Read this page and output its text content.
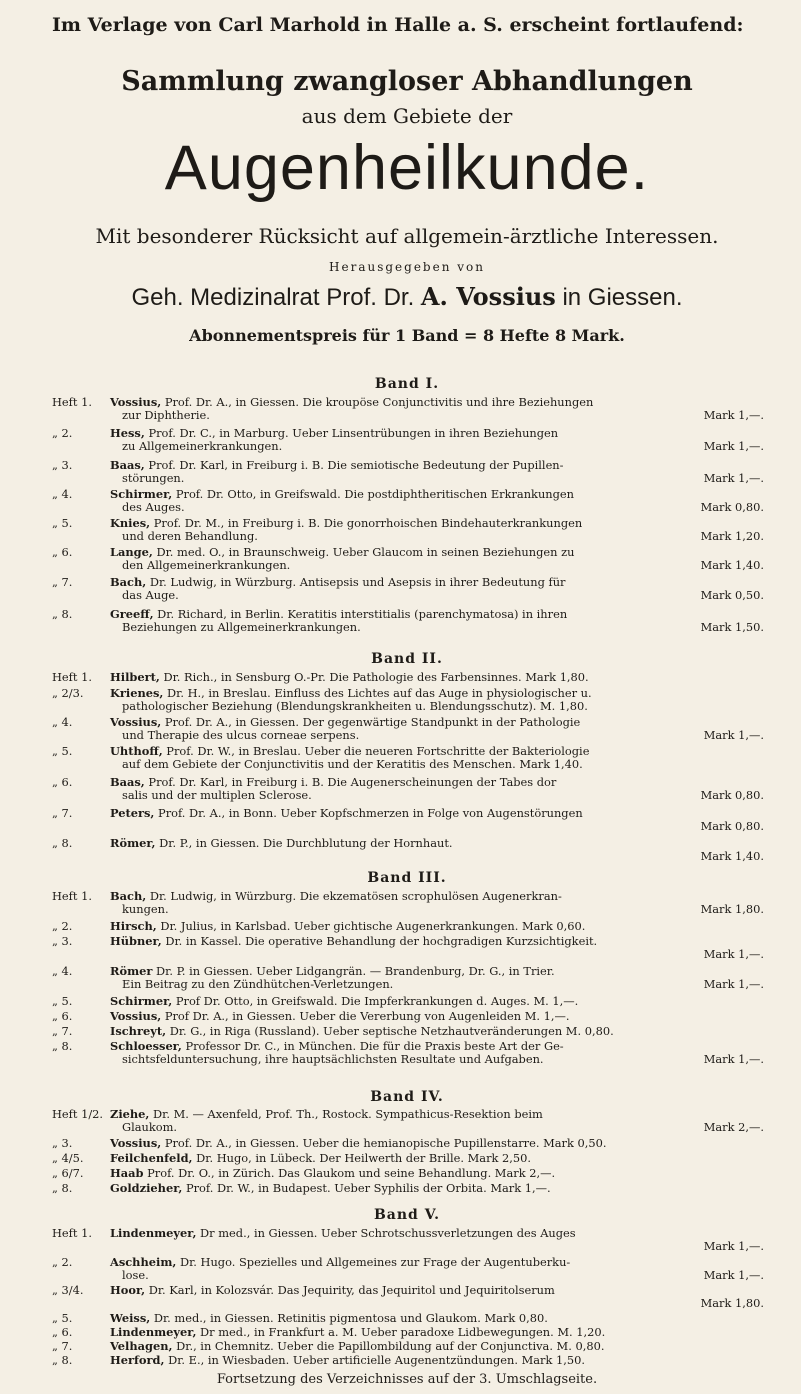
Im Verlage von Carl Marhold in Halle a. S. erscheint fortlaufend:
Sammlung zwangloser Abhandlungen
aus dem Gebiete der
Augenheilkunde.
Mit besonderer Rücksicht auf allgemein-ärztliche Interessen.
Herausgegeben von
Geh. Medizinalrat Prof. Dr. A. Vossius in Giessen.
Abonnementspreis für 1 Band = 8 Hefte 8 Mark.
Band I.
Heft 1.	Vossius, Prof. Dr. A., in Giessen. Die kroupöse Conjunctivitis und ihre Beziehungen
zur Diphtherie.	Mark 1,—.
„ 2.	Hess, Prof. Dr. C., in Marburg. Ueber Linsentrübungen in ihren Beziehungen
zu Allgemeinerkrankungen.	Mark 1,—.
„ 3.	Baas, Prof. Dr. Karl, in Freiburg i. B. Die semiotische Bedeutung der Pupillen-
störungen.	Mark 1,—.
„ 4.	Schirmer, Prof. Dr. Otto, in Greifswald. Die postdiphtheritischen Erkrankungen
des Auges.	Mark 0,80.
„ 5.	Knies, Prof. Dr. M., in Freiburg i. B. Die gonorrhoischen Bindehauterkrankungen
und deren Behandlung.	Mark 1,20.
„ 6.	Lange, Dr. med. O., in Braunschweig. Ueber Glaucom in seinen Beziehungen zu
den Allgemeinerkrankungen.	Mark 1,40.
„ 7.	Bach, Dr. Ludwig, in Würzburg. Antisepsis und Asepsis in ihrer Bedeutung für
das Auge.	Mark 0,50.
„ 8.	Greeff, Dr. Richard, in Berlin. Keratitis interstitialis (parenchymatosa) in ihren
Beziehungen zu Allgemeinerkrankungen.	Mark 1,50.
Band II.
Heft 1.	Hilbert, Dr. Rich., in Sensburg O.-Pr. Die Pathologie des Farbensinnes. Mark 1,80.
„ 2/3.	Krienes, Dr. H., in Breslau. Einfluss des Lichtes auf das Auge in physiologischer u.
pathologischer Beziehung (Blendungskrankheiten u. Blendungsschutz). M. 1,80.
„ 4.	Vossius, Prof. Dr. A., in Giessen. Der gegenwärtige Standpunkt in der Pathologie
und Therapie des ulcus corneae serpens.	Mark 1,—.
„ 5.	Uhthoff, Prof. Dr. W., in Breslau. Ueber die neueren Fortschritte der Bakteriologie
auf dem Gebiete der Conjunctivitis und der Keratitis des Menschen. Mark 1,40.
„ 6.	Baas, Prof. Dr. Karl, in Freiburg i. B. Die Augenerscheinungen der Tabes dor
salis und der multiplen Sclerose.	Mark 0,80.
„ 7.	Peters, Prof. Dr. A., in Bonn. Ueber Kopfschmerzen in Folge von Augenstörungen
Mark 0,80.
„ 8.	Römer, Dr. P., in Giessen. Die Durchblutung der Hornhaut.
Mark 1,40.
Band III.
Heft 1.	Bach, Dr. Ludwig, in Würzburg. Die ekzematösen scrophulösen Augenerkran-
kungen.	Mark 1,80.
„ 2.	Hirsch, Dr. Julius, in Karlsbad. Ueber gichtische Augenerkrankungen. Mark 0,60.
„ 3.	Hübner, Dr. in Kassel. Die operative Behandlung der hochgradigen Kurzsichtigkeit.
Mark 1,—.
„ 4.	Römer Dr. P. in Giessen. Ueber Lidgangrän. — Brandenburg, Dr. G., in Trier.
Ein Beitrag zu den Zündhütchen-Verletzungen.	Mark 1,—.
„ 5.	Schirmer, Prof Dr. Otto, in Greifswald. Die Impferkrankungen d. Auges. M. 1,—.
„ 6.	Vossius, Prof Dr. A., in Giessen. Ueber die Vererbung von Augenleiden M. 1,—.
„ 7.	Ischreyt, Dr. G., in Riga (Russland). Ueber septische Netzhautveränderungen M. 0,80.
„ 8.	Schloesser, Professor Dr. C., in München. Die für die Praxis beste Art der Ge-
sichtsfelduntersuchung, ihre hauptsächlichsten Resultate und Aufgaben.	Mark 1,—.
Band IV.
Heft 1/2. Ziehe, Dr. M. — Axenfeld, Prof. Th., Rostock. Sympathicus-Resektion beim
Glaukom.	Mark 2,—.
„ 3.	Vossius, Prof. Dr. A., in Giessen. Ueber die hemianopische Pupillenstarre. Mark 0,50.
„ 4/5.	Feilchenfeld, Dr. Hugo, in Lübeck. Der Heilwerth der Brille. Mark 2,50.
„ 6/7.	Haab Prof. Dr. O., in Zürich. Das Glaukom und seine Behandlung. Mark 2,—.
„ 8.	Goldzieher, Prof. Dr. W., in Budapest. Ueber Syphilis der Orbita. Mark 1,—.
Band V.
Heft 1.	Lindenmeyer, Dr med., in Giessen. Ueber Schrotschussverletzungen des Auges
Mark 1,—.
„ 2.	Aschheim, Dr. Hugo. Spezielles und Allgemeines zur Frage der Augentuberku-
lose.	Mark 1,—.
„ 3/4.	Hoor, Dr. Karl, in Kolozsvár. Das Jequirity, das Jequiritol und Jequiritolserum
Mark 1,80.
„ 5.	Weiss, Dr. med., in Giessen. Retinitis pigmentosa und Glaukom. Mark 0,80.
„ 6.	Lindenmeyer, Dr med., in Frankfurt a. M. Ueber paradoxe Lidbewegungen. M. 1,20.
„ 7.	Velhagen, Dr., in Chemnitz. Ueber die Papillombildung auf der Conjunctiva. M. 0,80.
„ 8.	Herford, Dr. E., in Wiesbaden. Ueber artificielle Augenentzündungen. Mark 1,50.
Fortsetzung des Verzeichnisses auf der 3. Umschlagseite.
